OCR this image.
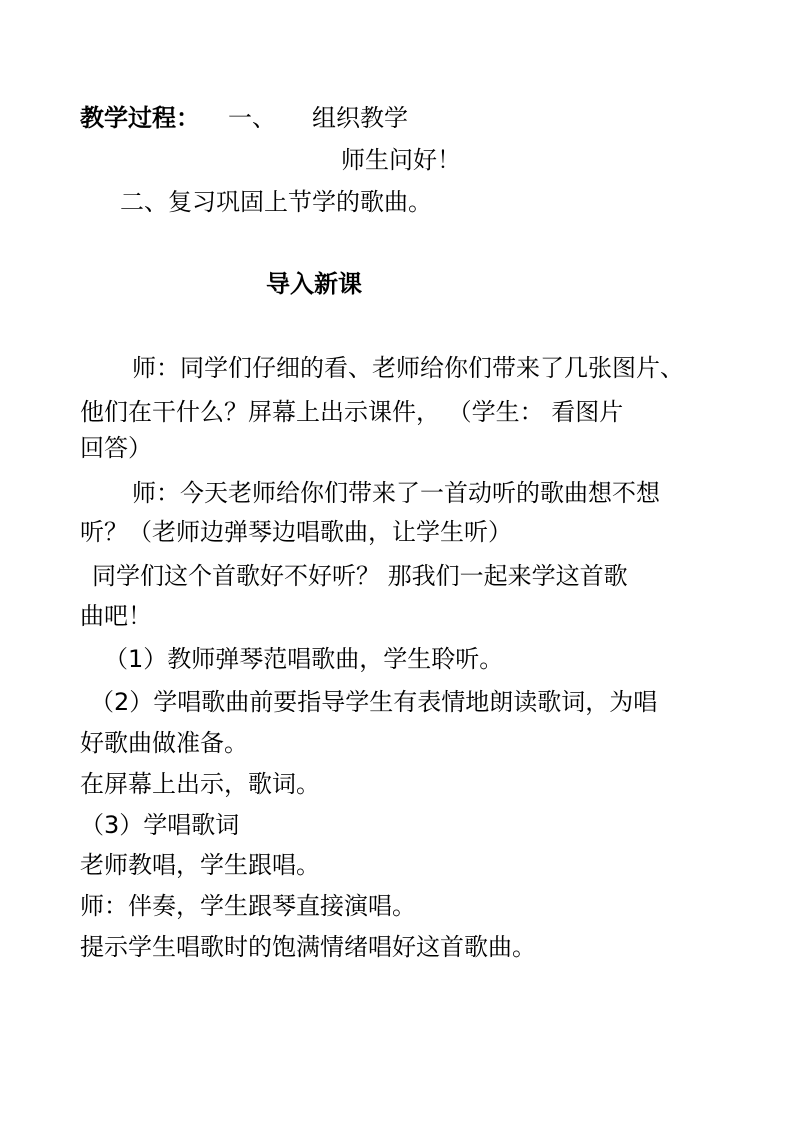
教学过程： 一、 组织教学
师生问好！
二、复习巩固上节学的歌曲。
导入新课
师：同学们仔细的看、老师给你们带来了几张图片、
他们在干什么？屏幕上出示课件， （学生： 看图片
回答）
师：今天老师给你们带来了一首动听的歌曲想不想
听？（老师边弹琴边唱歌曲，让学生听）
同学们这个首歌好不好听？ 那我们一起来学这首歌
曲吧！
（1）教师弹琴范唱歌曲，学生聆听。
（2）学唱歌曲前要指导学生有表情地朗读歌词，为唱
好歌曲做准备。
在屏幕上出示，歌词。
（3）学唱歌词
老师教唱，学生跟唱。
师：伴奏，学生跟琴直接演唱。
提示学生唱歌时的饱满情绪唱好这首歌曲。
